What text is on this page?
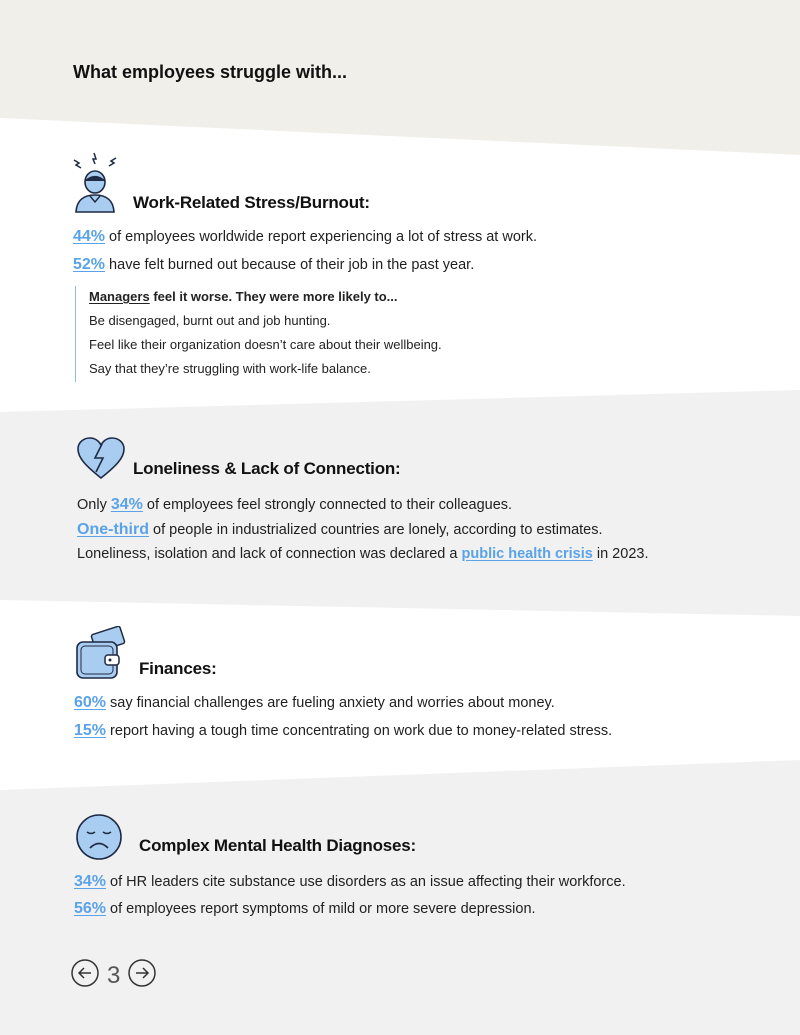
What employees struggle with...
Work-Related Stress/Burnout:
44% of employees worldwide report experiencing a lot of stress at work.
52% have felt burned out because of their job in the past year.
Managers feel it worse. They were more likely to...
Be disengaged, burnt out and job hunting.
Feel like their organization doesn’t care about their wellbeing.
Say that they’re struggling with work-life balance.
Loneliness & Lack of Connection:
Only 34% of employees feel strongly connected to their colleagues.
One-third of people in industrialized countries are lonely, according to estimates.
Loneliness, isolation and lack of connection was declared a public health crisis in 2023.
Finances:
60% say financial challenges are fueling anxiety and worries about money.
15% report having a tough time concentrating on work due to money-related stress.
Complex Mental Health Diagnoses:
34% of HR leaders cite substance use disorders as an issue affecting their workforce.
56% of employees report symptoms of mild or more severe depression.
3
